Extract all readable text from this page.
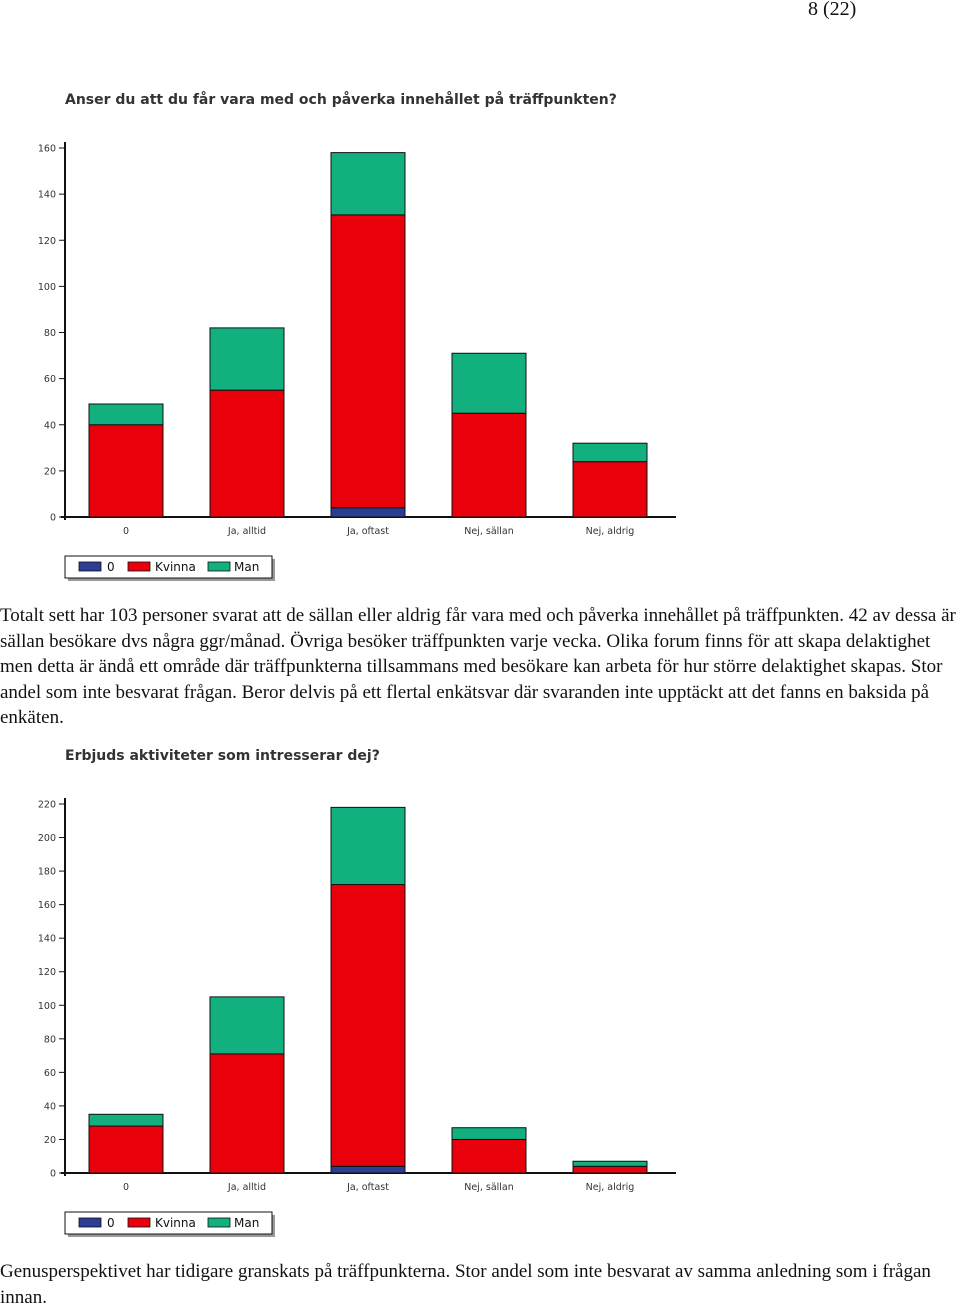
8 (22)
Anser du att du får vara med och påverka innehållet på träffpunkten?
0
20
40
60
80
100
120
140
160
0	Ja, alltid	Ja, oftast	Nej, sällan	Nej, aldrig
0	Kvinna	Man

Totalt sett har 103 personer svarat att de sällan eller aldrig får vara med och påverka innehållet på träffpunkten. 42 av dessa är sällan besökare dvs några ggr/månad. Övriga besöker träffpunkten varje vecka. Olika forum finns för att skapa delaktighet men detta är ändå ett område där träffpunkterna tillsammans med besökare kan arbeta för hur större delaktighet skapas. Stor andel som inte besvarat frågan. Beror delvis på ett flertal enkätsvar där svaranden inte upptäckt att det fanns en baksida på enkäten.

Erbjuds aktiviteter som intresserar dej?
0
20
40
60
80
100
120
140
160
180
200
220
0	Ja, alltid	Ja, oftast	Nej, sällan	Nej, aldrig
0	Kvinna	Man

Genusperspektivet har tidigare granskats på träffpunkterna. Stor andel som inte besvarat av samma anledning som i frågan innan.
